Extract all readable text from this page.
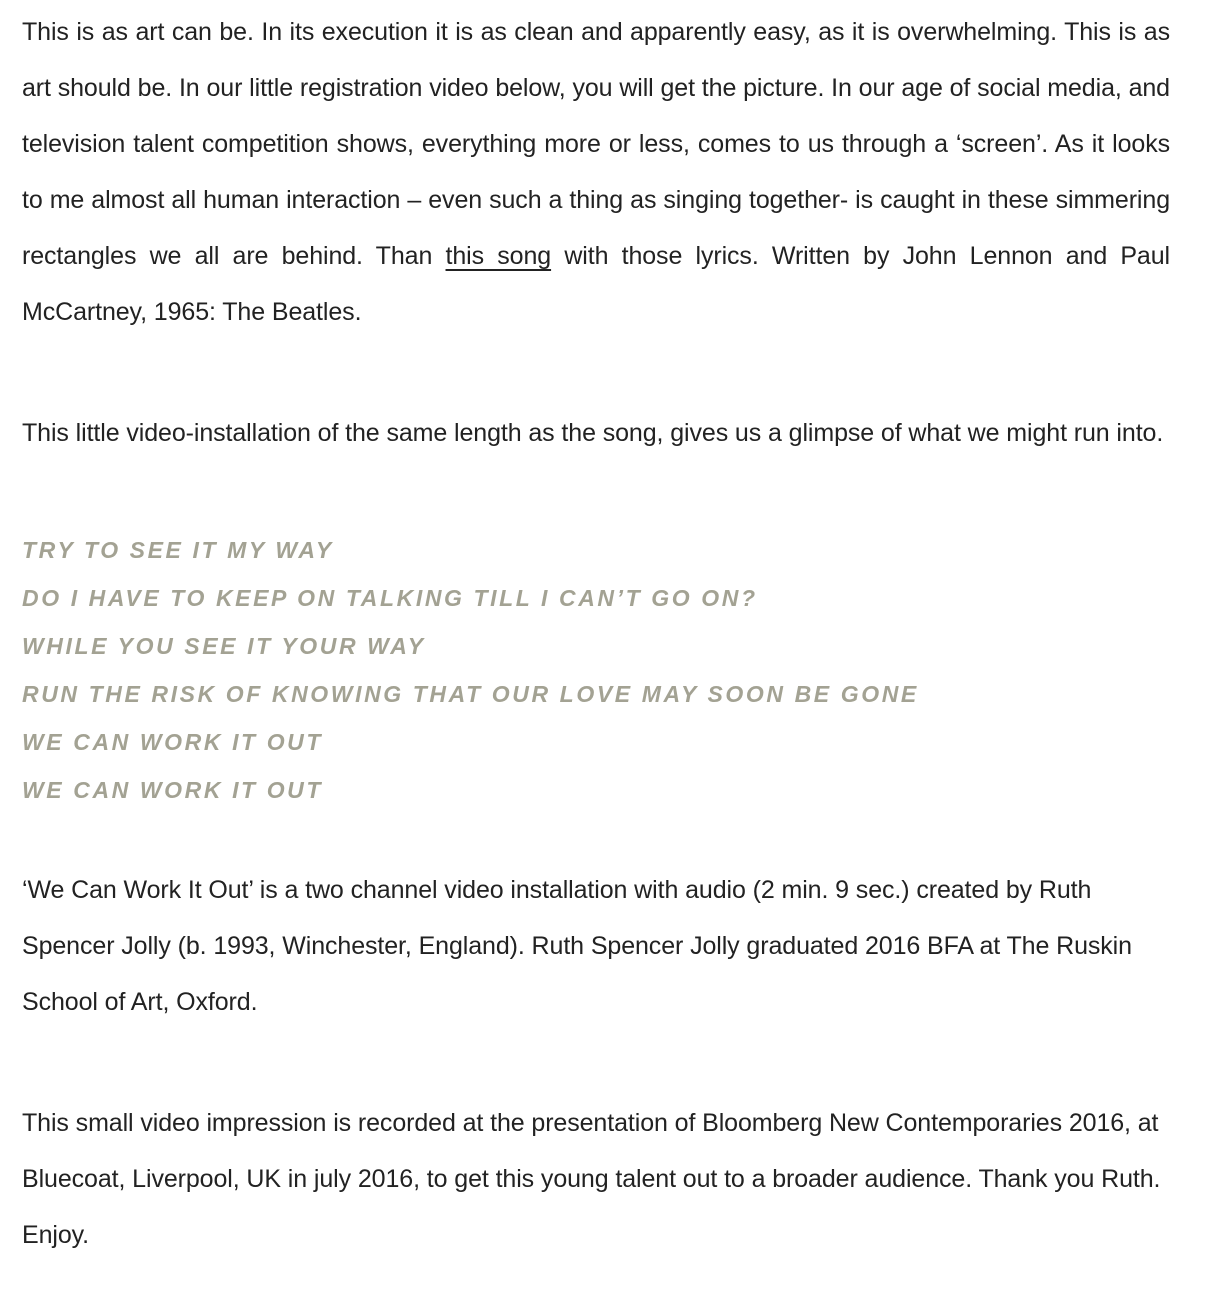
This is as art can be. In its execution it is as clean and apparently easy, as it is overwhelming. This is as art should be. In our little registration video below, you will get the picture. In our age of social media, and television talent competition shows, everything more or less, comes to us through a ‘screen’. As it looks to me almost all human interaction – even such a thing as singing together- is caught in these simmering rectangles we all are behind. Than this song with those lyrics. Written by John Lennon and Paul McCartney, 1965: The Beatles.

This little video-installation of the same length as the song, gives us a glimpse of what we might run into.

TRY TO SEE IT MY WAY
DO I HAVE TO KEEP ON TALKING TILL I CAN’T GO ON?
WHILE YOU SEE IT YOUR WAY
RUN THE RISK OF KNOWING THAT OUR LOVE MAY SOON BE GONE
WE CAN WORK IT OUT
WE CAN WORK IT OUT

‘We Can Work It Out’ is a two channel video installation with audio (2 min. 9 sec.) created by Ruth Spencer Jolly (b. 1993, Winchester, England). Ruth Spencer Jolly graduated 2016 BFA at The Ruskin School of Art, Oxford.

This small video impression is recorded at the presentation of Bloomberg New Contemporaries 2016, at Bluecoat, Liverpool, UK in july 2016, to get this young talent out to a broader audience. Thank you Ruth. Enjoy.
